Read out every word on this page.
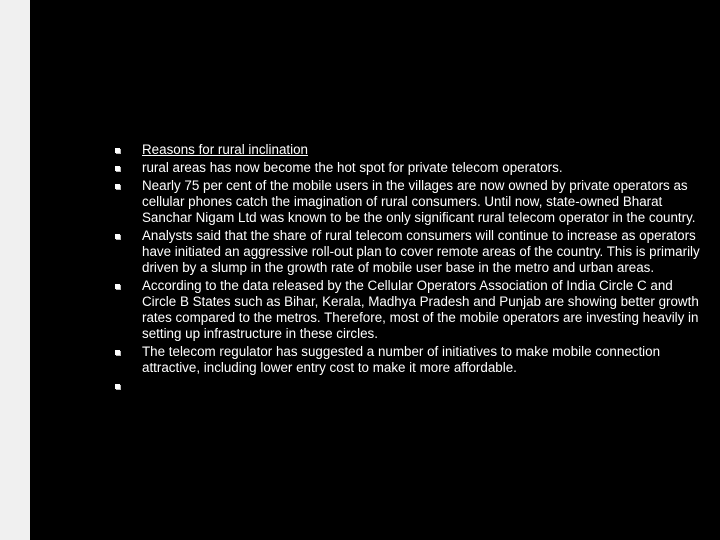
Reasons for rural inclination
rural areas has now become the hot spot for private telecom operators.
Nearly 75 per cent of the mobile users in the villages are now owned by private operators as cellular phones catch the imagination of rural consumers. Until now, state-owned Bharat Sanchar Nigam Ltd was known to be the only significant rural telecom operator in the country.
Analysts said that the share of rural telecom consumers will continue to increase as operators have initiated an aggressive roll-out plan to cover remote areas of the country. This is primarily driven by a slump in the growth rate of mobile user base in the metro and urban areas.
According to the data released by the Cellular Operators Association of India Circle C and Circle B States such as Bihar, Kerala, Madhya Pradesh and Punjab are showing better growth rates compared to the metros. Therefore, most of the mobile operators are investing heavily in setting up infrastructure in these circles.
The telecom regulator has suggested a number of initiatives to make mobile connection attractive, including lower entry cost to make it more affordable.
